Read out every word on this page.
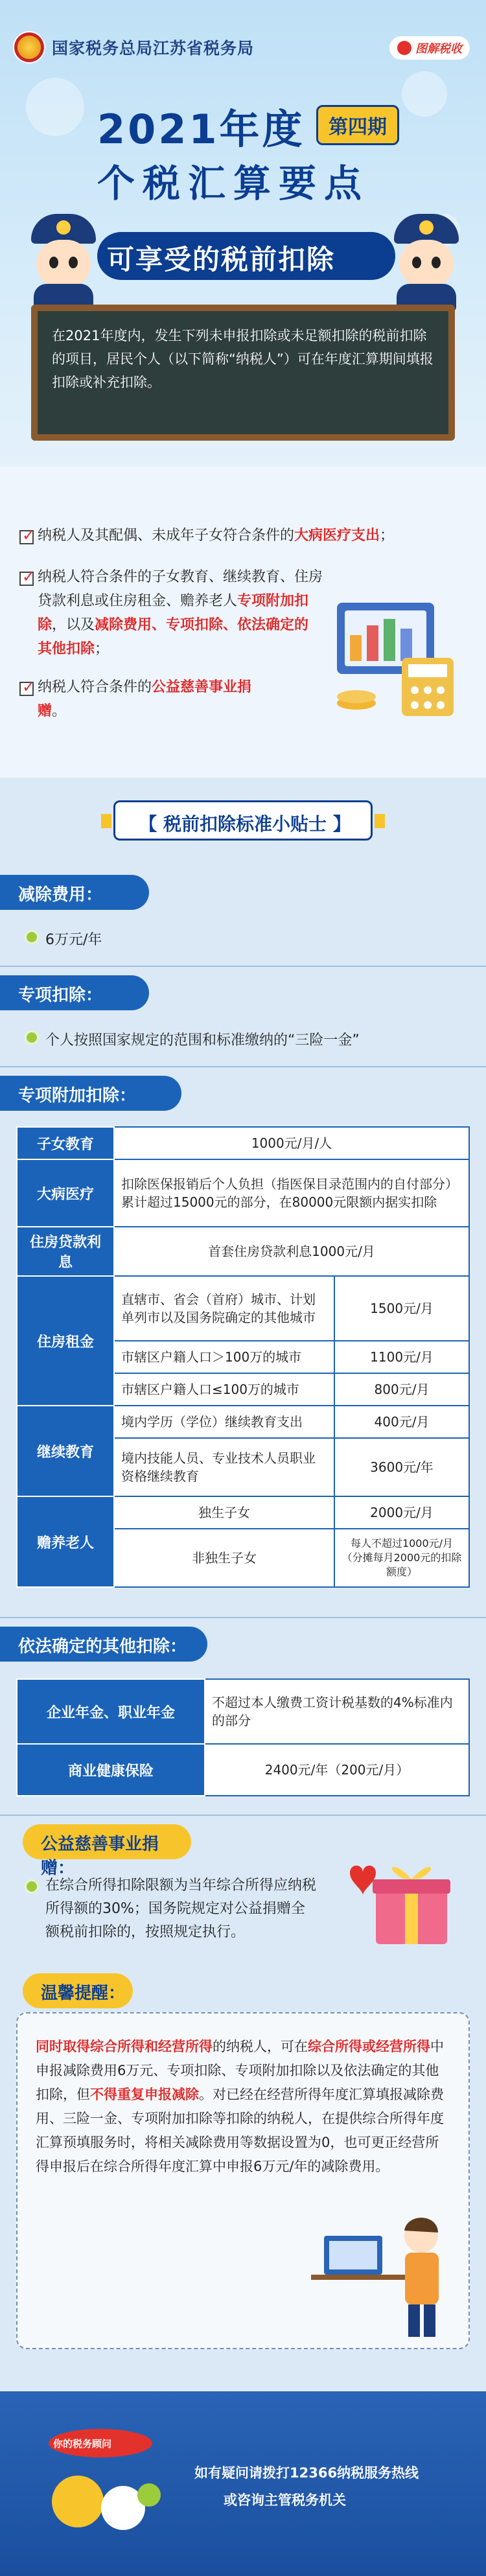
国家税务总局江苏省税务局	图解税收
2021年度	第四期
个税汇算要点
可享受的税前扣除
在2021年度内，发生下列未申报扣除或未足额扣除的税前扣除的项目，居民个人（以下简称“纳税人”）可在年度汇算期间填报扣除或补充扣除。
✓
纳税人及其配偶、未成年子女符合条件的大病医疗支出；
✓
纳税人符合条件的子女教育、继续教育、住房贷款利息或住房租金、赡养老人专项附加扣除，以及减除费用、专项扣除、依法确定的其他扣除；
✓
纳税人符合条件的公益慈善事业捐赠。
【 税前扣除标准小贴士 】
减除费用：
6万元/年
专项扣除：
个人按照国家规定的范围和标准缴纳的“三险一金”
专项附加扣除：
子女教育	1000元/月/人	
大病医疗	扣除医保报销后个人负担（指医保目录范围内的自付部分）累计超过15000元的部分，在80000元限额内据实扣除	
住房贷款利息	首套住房贷款利息1000元/月	
住房租金	直辖市、省会（首府）城市、计划单列市以及国务院确定的其他城市	1500元/月
	市辖区户籍人口＞100万的城市	1100元/月
	市辖区户籍人口≤100万的城市	800元/月
继续教育	境内学历（学位）继续教育支出	400元/月
	境内技能人员、专业技术人员职业资格继续教育	3600元/年
赡养老人	独生子女	2000元/月
	非独生子女	每人不超过1000元/月（分摊每月2000元的扣除额度）
依法确定的其他扣除：
企业年金、职业年金	不超过本人缴费工资计税基数的4%标准内的部分
商业健康保险	2400元/年（200元/月）
公益慈善事业捐赠：
在综合所得扣除限额为当年综合所得应纳税所得额的30%；国务院规定对公益捐赠全额税前扣除的，按照规定执行。
温馨提醒：
同时取得综合所得和经营所得的纳税人，可在综合所得或经营所得中申报减除费用6万元、专项扣除、专项附加扣除以及依法确定的其他扣除，但不得重复申报减除。对已经在经营所得年度汇算填报减除费用、三险一金、专项附加扣除等扣除的纳税人，在提供综合所得年度汇算预填服务时，将相关减除费用等数据设置为0，也可更正经营所得申报后在综合所得年度汇算中申报6万元/年的减除费用。
你的税务顾问
如有疑问请拨打12366纳税服务热线
或咨询主管税务机关
